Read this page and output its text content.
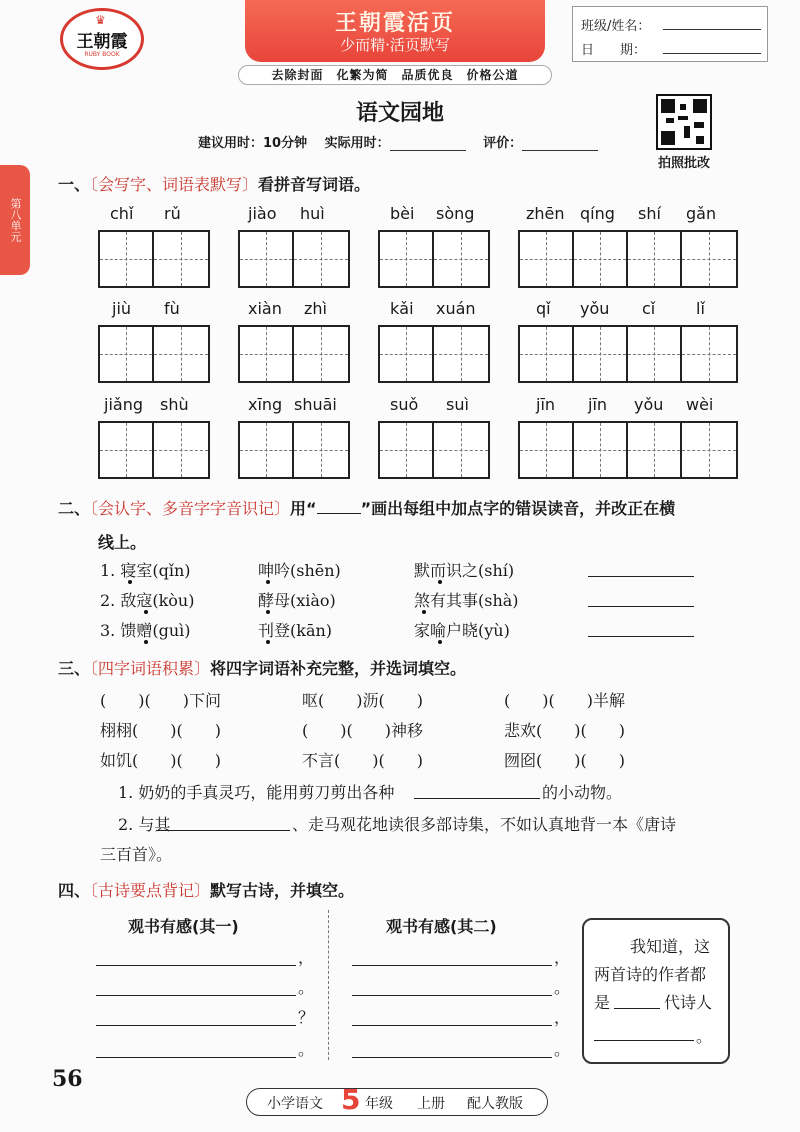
♛
王朝霞
RUBY BOOK
王朝霞活页
少而精·活页默写
班级/姓名：
日　　期：
去除封面　化繁为简　品质优良　价格公道
第八单元
语文园地
建议用时：10分钟　 实际用时：　	评价：
拍照批改
一、〔会写字、词语表默写〕看拼音写词语。
chǐ rǔ	jiào huì	bèi sòng	zhēn qíng shí gǎn
jiù fù	xiàn zhì	kǎi xuán	qǐ yǒu cǐ	lǐ
jiǎng shù	xīng shuāi	suǒ suì	jīn jīn yǒu wèi
二、〔会认字、多音字字音识记〕用“	”画出每组中加点字的错误读音，并改正在横
线上。
1. 寝室(qǐn)	呻吟(shēn)	默而识之(shí)
2. 敌寇(kòu)	酵母(xiào)	煞有其事(shà)
3. 馈赠(guì)	刊登(kān)	家喻户晓(yù)
三、〔四字词语积累〕将四字词语补充完整，并选词填空。
(　　)(　　)下问	呕(　　)沥(　　)	(　　)(　　)半解
栩栩(　　)(　　)	(　　)(　　)神移	悲欢(　　)(　　)
如饥(　　)(　　)	不言(　　)(　　)	囫囵(　　)(　　)
1. 奶奶的手真灵巧，能用剪刀剪出各种	的小动物。
2. 与其	、走马观花地读很多部诗集，不如认真地背一本《唐诗
三百首》。
四、〔古诗要点背记〕默写古诗，并填空。
观书有感(其一)	观书有感(其二)
，
。
？
。
，
。
，
。
我知道，这
两首诗的作者都
是	代诗人
。
56
小学语文 5 年级 上册 配人教版
